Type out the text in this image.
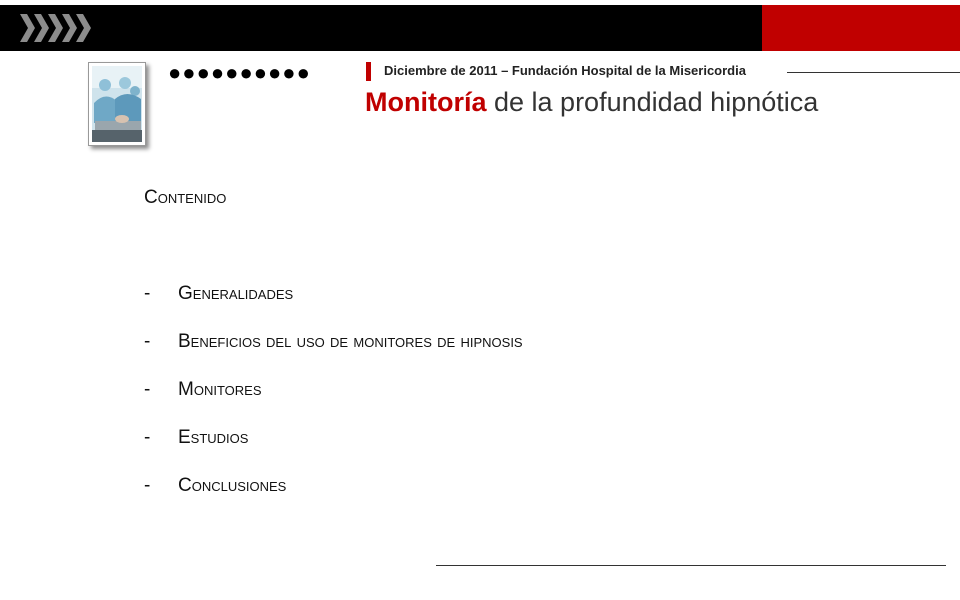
●●●●●●●●●●	Diciembre de 2011 – Fundación Hospital de la Misericordia
Monitoría de la profundidad hipnótica
Contenido
- Generalidades
- Beneficios del uso de monitores de hipnosis
- Monitores
- Estudios
- Conclusiones
